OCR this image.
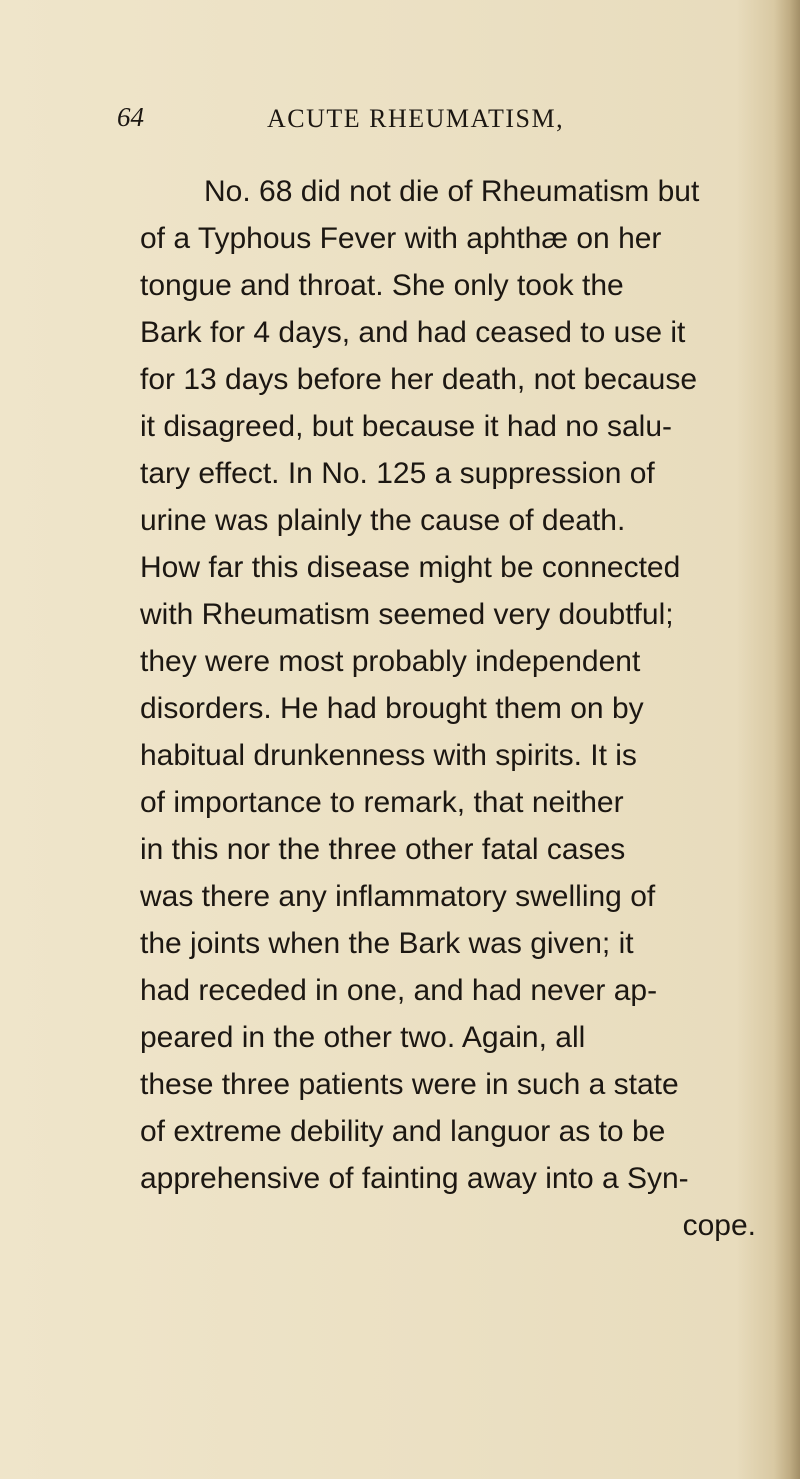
64	ACUTE RHEUMATISM,
No. 68 did not die of Rheumatism but
of a Typhous Fever with aphthæ on her
tongue and throat. She only took the
Bark for 4 days, and had ceased to use it
for 13 days before her death, not because
it disagreed, but because it had no salu-
tary effect. In No. 125 a suppression of
urine was plainly the cause of death.
How far this disease might be connected
with Rheumatism seemed very doubtful;
they were most probably independent
disorders. He had brought them on by
habitual drunkenness with spirits. It is
of importance to remark, that neither
in this nor the three other fatal cases
was there any inflammatory swelling of
the joints when the Bark was given; it
had receded in one, and had never ap-
peared in the other two. Again, all
these three patients were in such a state
of extreme debility and languor as to be
apprehensive of fainting away into a Syn-
cope.
